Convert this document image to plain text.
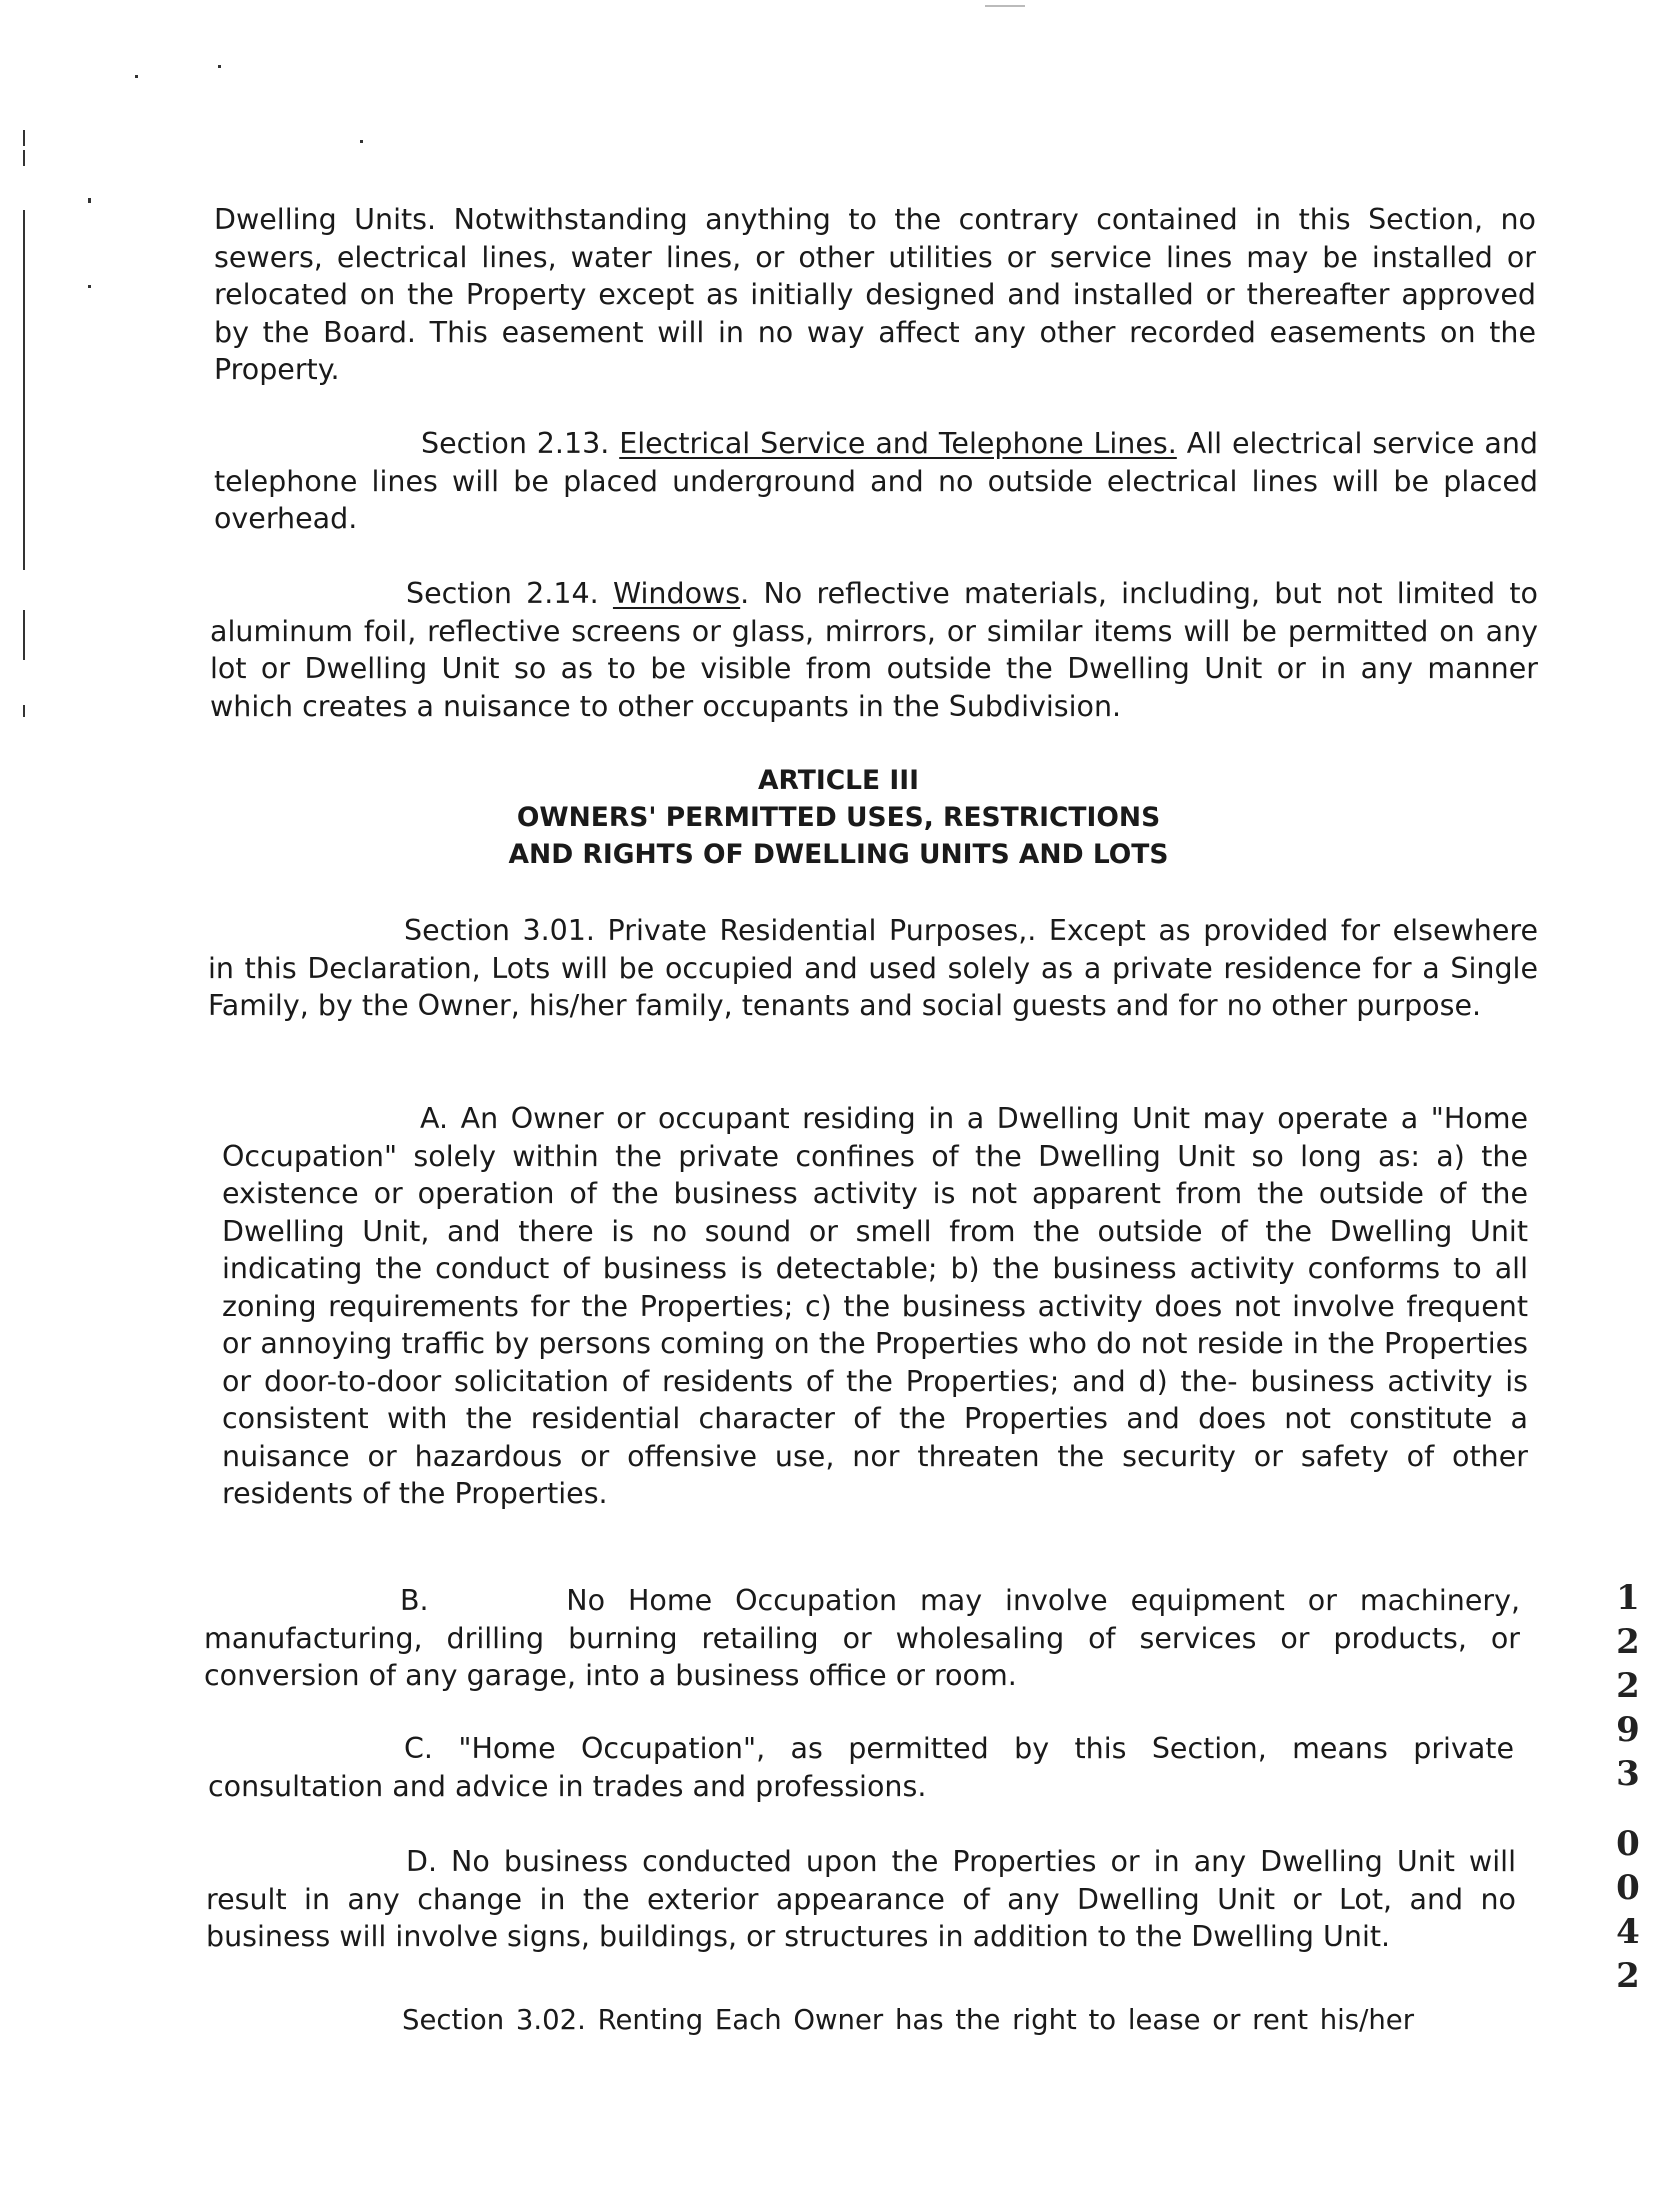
Dwelling Units. Notwithstanding anything to the contrary contained in this Section, no sewers, electrical lines, water lines, or other utilities or service lines may be installed or relocated on the Property except as initially designed and installed or thereafter approved by the Board. This easement will in no way affect any other recorded easements on the Property.

Section 2.13. Electrical Service and Telephone Lines. All electrical service and telephone lines will be placed underground and no outside electrical lines will be placed overhead.

Section 2.14. Windows. No reflective materials, including, but not limited to aluminum foil, reflective screens or glass, mirrors, or similar items will be permitted on any lot or Dwelling Unit so as to be visible from outside the Dwelling Unit or in any manner which creates a nuisance to other occupants in the Subdivision.

ARTICLE III
OWNERS' PERMITTED USES, RESTRICTIONS
AND RIGHTS OF DWELLING UNITS AND LOTS

Section 3.01. Private Residential Purposes,. Except as provided for elsewhere in this Declaration, Lots will be occupied and used solely as a private residence for a Single Family, by the Owner, his/her family, tenants and social guests and for no other purpose.

A. An Owner or occupant residing in a Dwelling Unit may operate a "Home Occupation" solely within the private confines of the Dwelling Unit so long as: a) the existence or operation of the business activity is not apparent from the outside of the Dwelling Unit, and there is no sound or smell from the outside of the Dwelling Unit indicating the conduct of business is detectable; b) the business activity conforms to all zoning requirements for the Properties; c) the business activity does not involve frequent or annoying traffic by persons coming on the Properties who do not reside in the Properties or door-to-door solicitation of residents of the Properties; and d) the- business activity is consistent with the residential character of the Properties and does not constitute a nuisance or hazardous or offensive use, nor threaten the security or safety of other residents of the Properties.

B.      No Home Occupation may involve equipment or machinery, manufacturing, drilling burning retailing or wholesaling of services or products, or conversion of any garage, into a business office or room.

C. "Home Occupation", as permitted by this Section, means private consultation and advice in trades and professions.

D. No business conducted upon the Properties or in any Dwelling Unit will result in any change in the exterior appearance of any Dwelling Unit or Lot, and no business will involve signs, buildings, or structures in addition to the Dwelling Unit.

Section 3.02. Renting Each Owner has the right to lease or rent his/her

1
2
2
9
3
0
0
4
2
